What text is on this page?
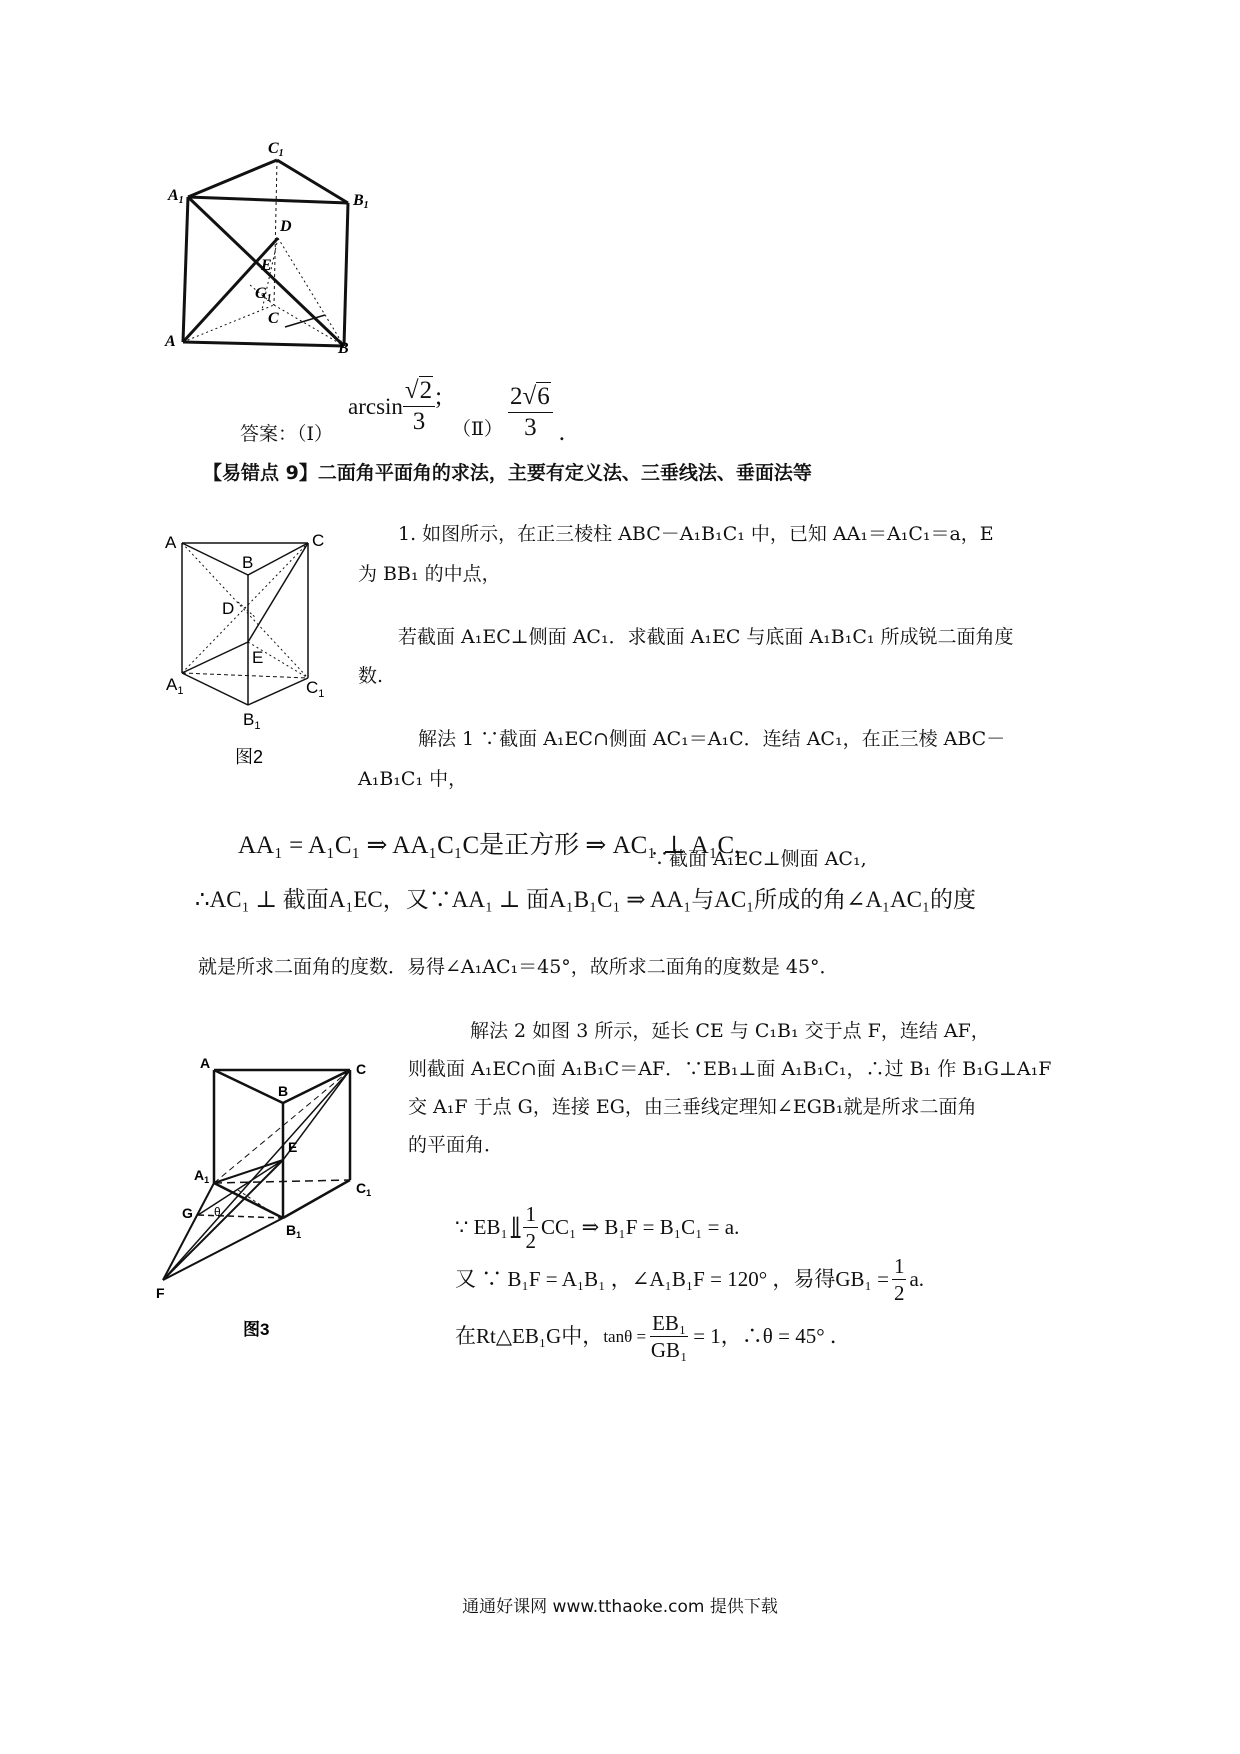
C1
A1	B1
D
E
G1
C
A	B
答案：（Ⅰ）
$\arcsin \frac{√2}{3}$ ;
（Ⅱ） $\frac{2√6}{3}$ .
【易错点 9】二面角平面角的求法，主要有定义法、三垂线法、垂面法等
A
B
C
D
E
$A_1$	$C_1$
$B_1$
图2
1. 如图所示，在正三棱柱 ABC－A₁B₁C₁ 中，已知 AA₁＝A₁C₁＝a，E
为 BB₁ 的中点，
若截面 A₁EC⊥侧面 AC₁．求截面 A₁EC 与底面 A₁B₁C₁ 所成锐二面角度
数.
解法 1 ∵截面 A₁EC∩侧面 AC₁＝A₁C．连结 AC₁，在正三棱 ABC－
A₁B₁C₁ 中，
AA₁ = A₁C₁ ⇒ AA₁C₁C是正方形 ⇒ AC₁ ⊥ A₁C,
∵截面 A₁EC⊥侧面 AC₁,
∴AC₁ ⊥ 截面A₁EC，又∵AA₁ ⊥ 面A₁B₁C₁ ⇒ AA₁与AC₁所成的角∠A₁AC₁的度
就是所求二面角的度数．易得∠A₁AC₁＝45°，故所求二面角的度数是 45°．
A
B
C
E
$A_1$	$C_1$
$B_1$
G θ
F
图3
解法 2 如图 3 所示，延长 CE 与 C₁B₁ 交于点 F，连结 AF，
则截面 A₁EC∩面 A₁B₁C＝AF．∵EB₁⊥面 A₁B₁C₁，∴过 B₁ 作 B₁G⊥A₁F
交 A₁F 于点 G，连接 EG，由三垂线定理知∠EGB₁就是所求二面角
的平面角．
∵ EB₁ ∥ $\frac{1}{2} CC_1$ ⇒ B₁F = B₁C₁ = a.
又 ∵ B₁F = A₁B₁ ，∠A₁B₁F = 120° ，易得$GB_1 = \frac{1}{2} a$.
在Rt△EB₁G中， $\tan\theta = \frac{\text{EB₁}}{\text{GB₁}} = 1$，∴θ = 45° ．
通通好课网 www.tthaoke.com 提供下载
